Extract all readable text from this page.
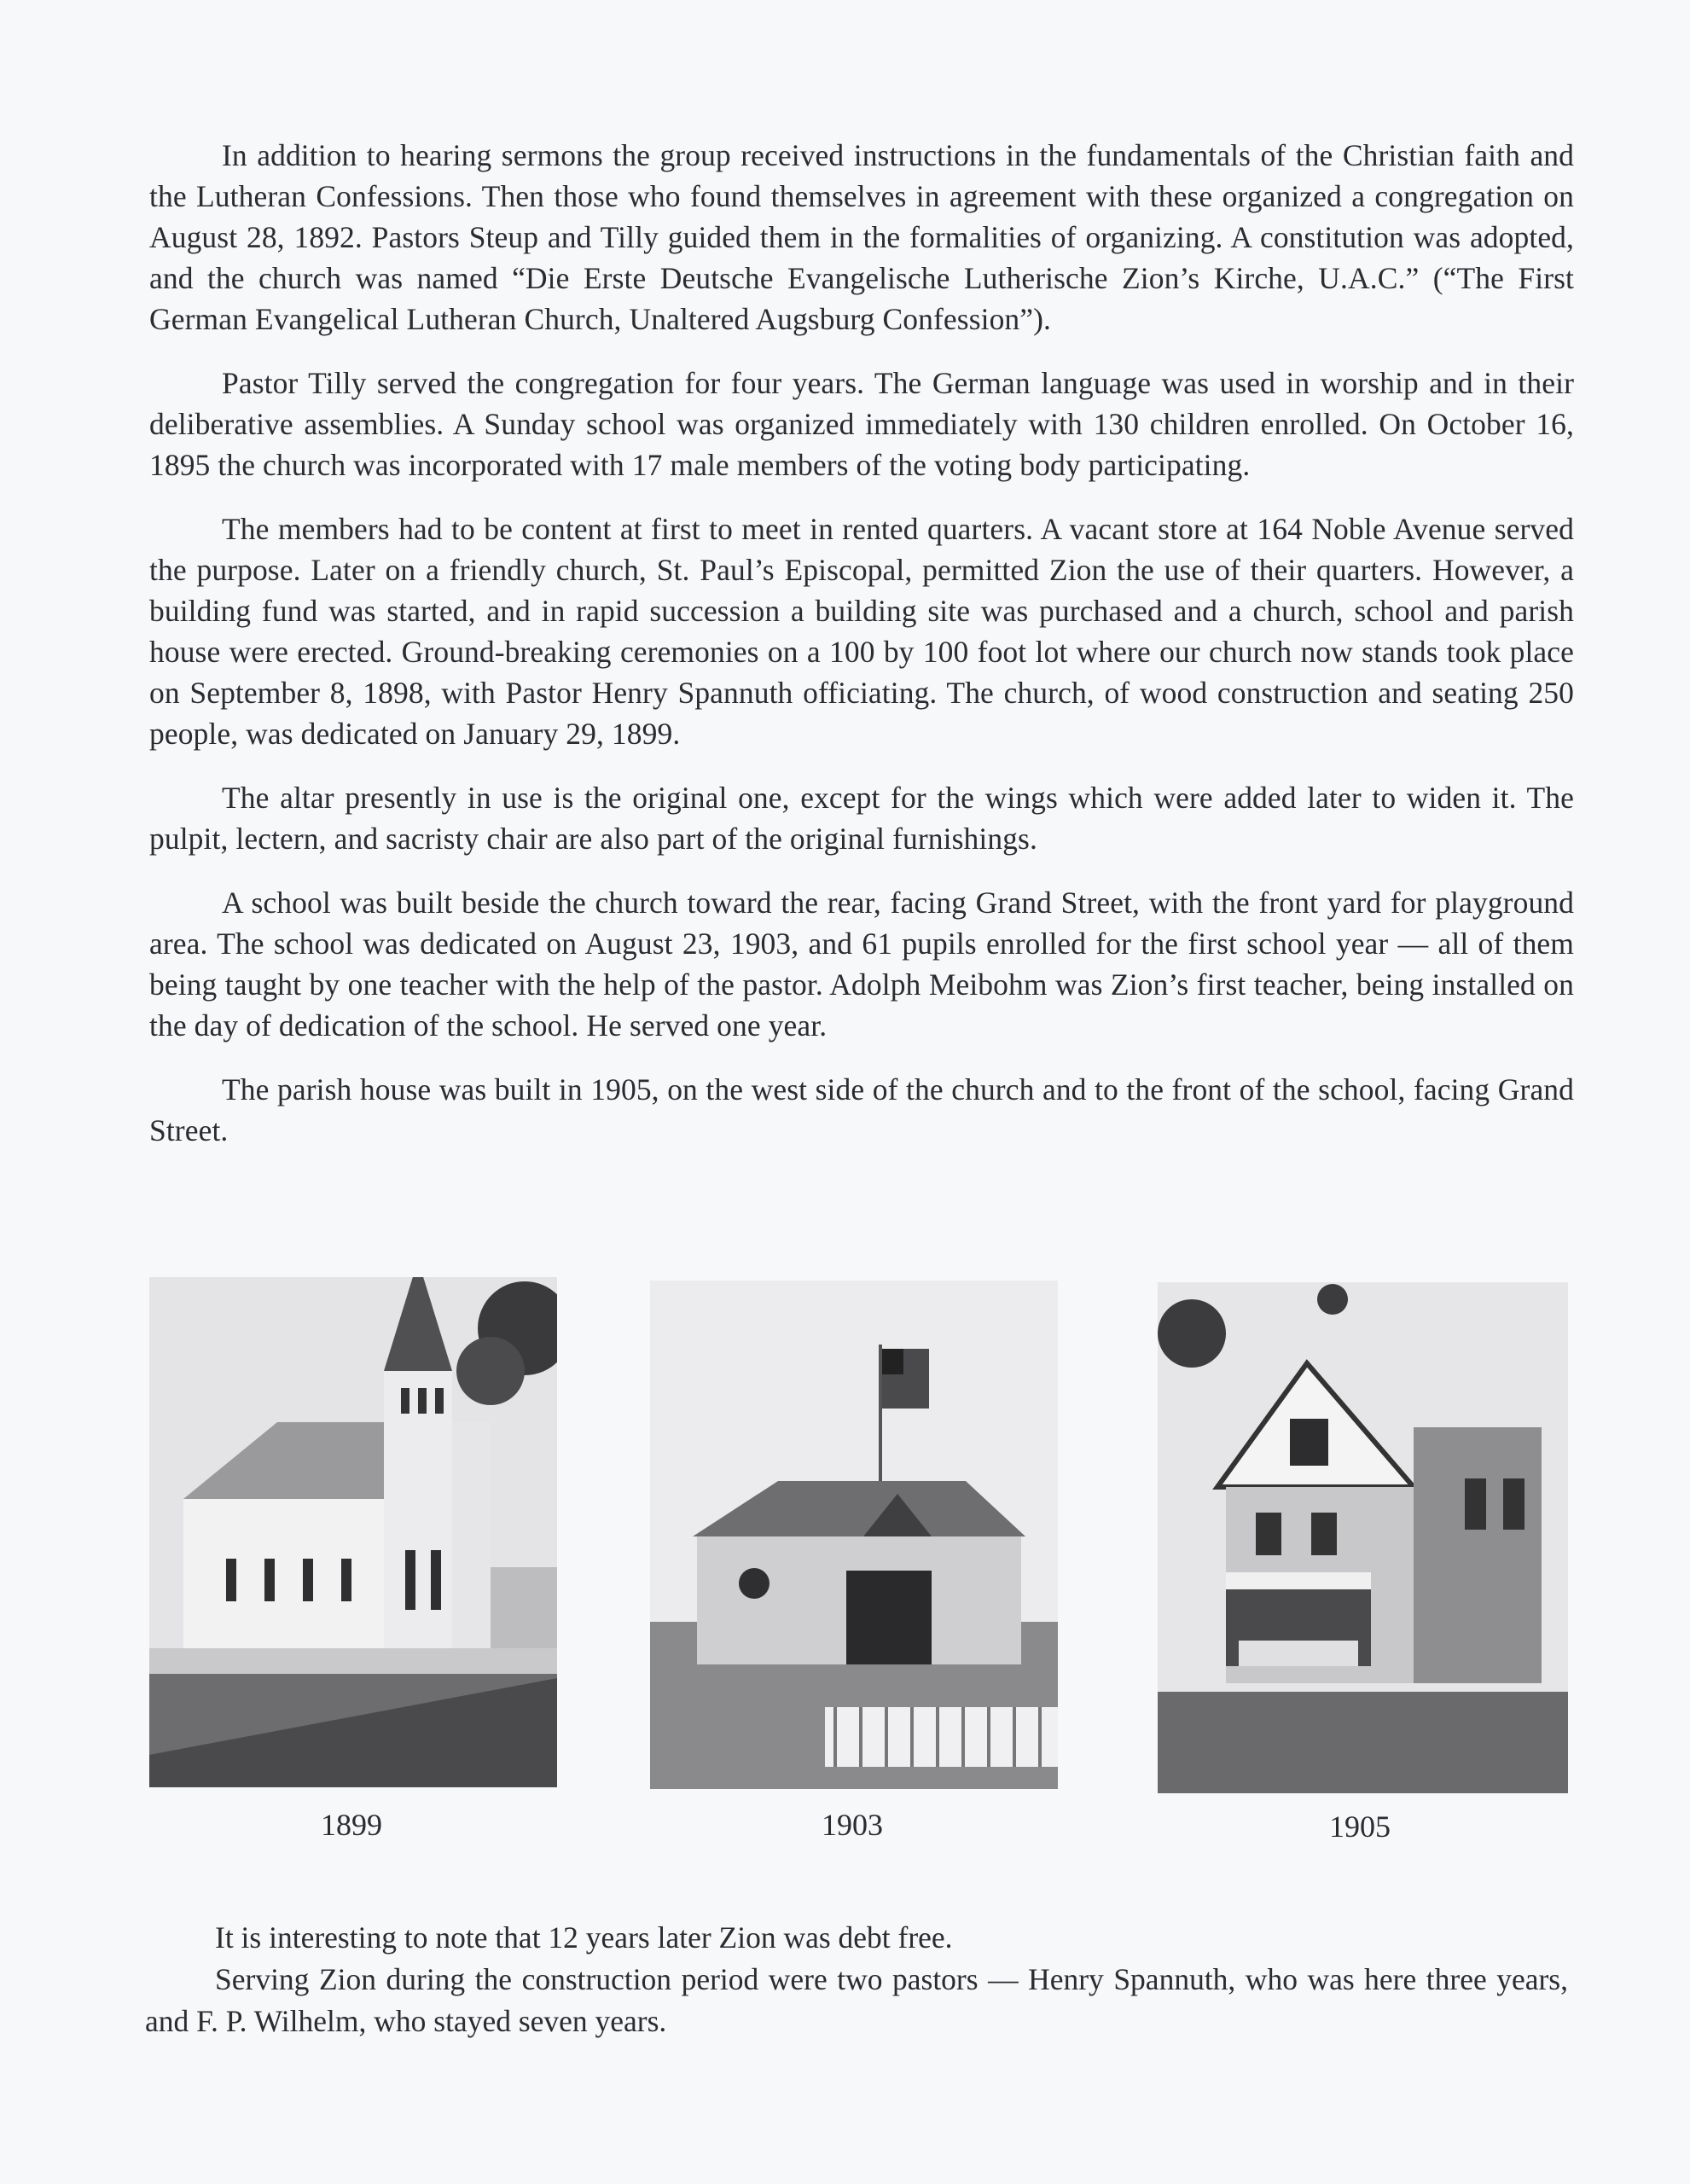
In addition to hearing sermons the group received instructions in the fundamentals of the Christian faith and the Lutheran Confessions. Then those who found themselves in agreement with these organized a congregation on August 28, 1892. Pastors Steup and Tilly guided them in the formalities of organizing. A constitution was adopted, and the church was named “Die Erste Deutsche Evangelische Lutherische Zion’s Kirche, U.A.C.” (“The First German Evangelical Lutheran Church, Unaltered Augsburg Confession”).

Pastor Tilly served the congregation for four years. The German language was used in worship and in their deliberative assemblies. A Sunday school was organized immediately with 130 children enrolled. On October 16, 1895 the church was incorporated with 17 male members of the voting body participating.

The members had to be content at first to meet in rented quarters. A vacant store at 164 Noble Avenue served the purpose. Later on a friendly church, St. Paul’s Episcopal, permitted Zion the use of their quarters. However, a building fund was started, and in rapid succession a building site was purchased and a church, school and parish house were erected. Ground-breaking ceremonies on a 100 by 100 foot lot where our church now stands took place on September 8, 1898, with Pastor Henry Spannuth officiating. The church, of wood construction and seating 250 people, was dedicated on January 29, 1899.

The altar presently in use is the original one, except for the wings which were added later to widen it. The pulpit, lectern, and sacristy chair are also part of the original furnishings.

A school was built beside the church toward the rear, facing Grand Street, with the front yard for playground area. The school was dedicated on August 23, 1903, and 61 pupils enrolled for the first school year — all of them being taught by one teacher with the help of the pastor. Adolph Meibohm was Zion’s first teacher, being installed on the day of dedication of the school. He served one year.

The parish house was built in 1905, on the west side of the church and to the front of the school, facing Grand Street.

1899	1903	1905

It is interesting to note that 12 years later Zion was debt free.

Serving Zion during the construction period were two pastors — Henry Spannuth, who was here three years, and F. P. Wilhelm, who stayed seven years.
